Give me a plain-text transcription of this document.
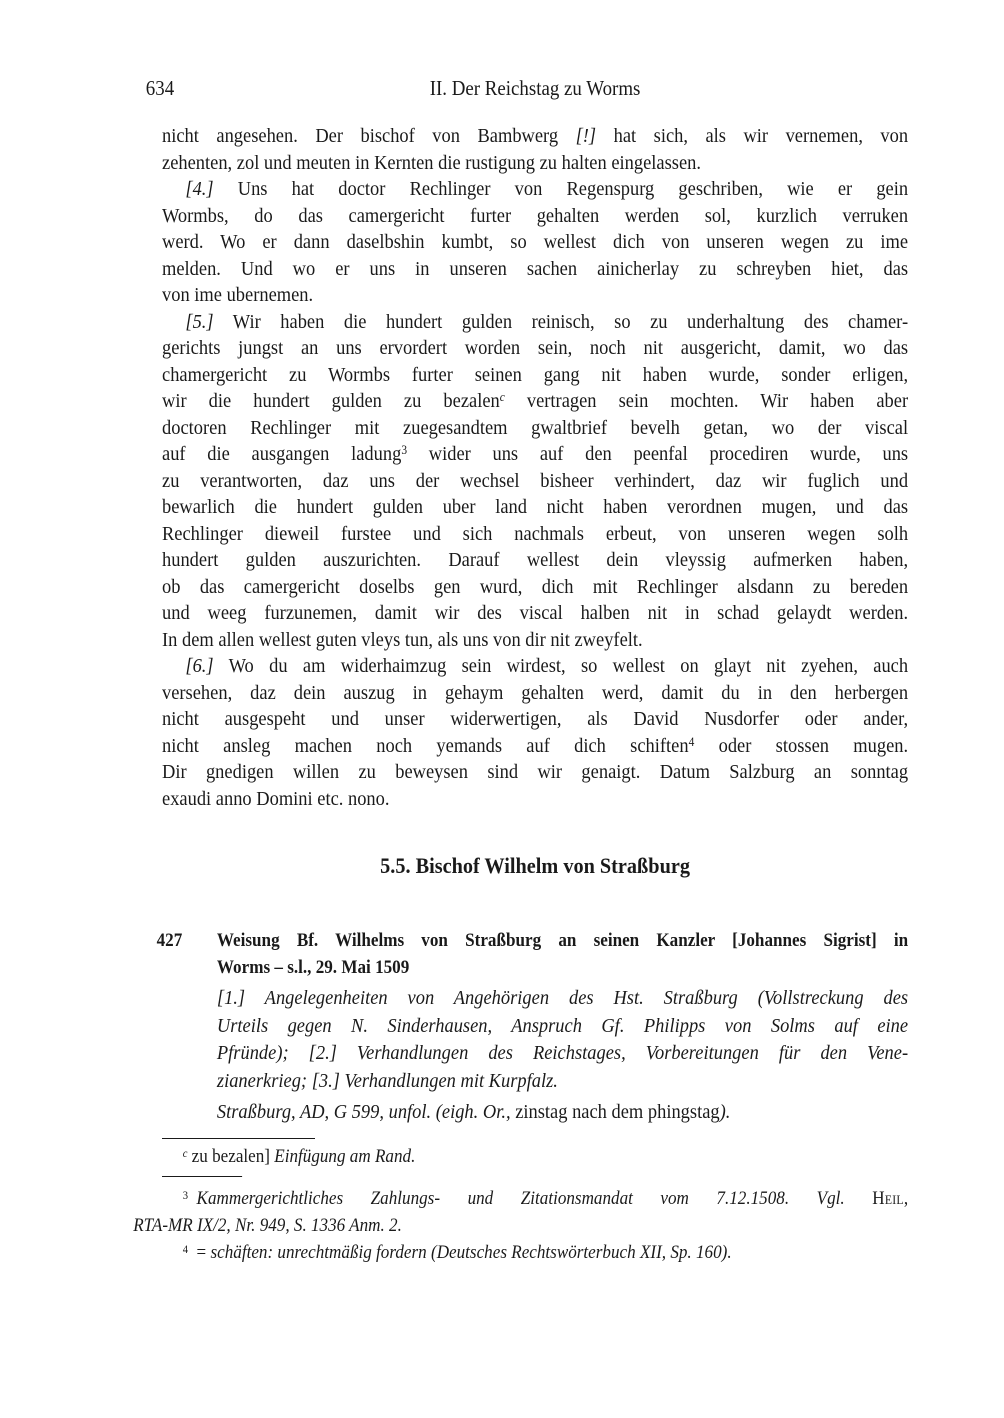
634	II. Der Reichstag zu Worms
nicht angesehen. Der bischof von Bambwerg [!] hat sich, als wir vernemen, von
zehenten, zol und meuten in Kernten die rustigung zu halten eingelassen.
[4.] Uns hat doctor Rechlinger von Regenspurg geschriben, wie er gein
Wormbs, do das camergericht furter gehalten werden sol, kurzlich verruken
werd. Wo er dann daselbshin kumbt, so wellest dich von unseren wegen zu ime
melden. Und wo er uns in unseren sachen ainicherlay zu schreyben hiet, das
von ime ubernemen.
[5.] Wir haben die hundert gulden reinisch, so zu underhaltung des chamer-
gerichts jungst an uns ervordert worden sein, noch nit ausgericht, damit, wo das
chamergericht zu Wormbs furter seinen gang nit haben wurde, sonder erligen,
wir die hundert gulden zu bezalen$^c$ vertragen sein mochten. Wir haben aber
doctoren Rechlinger mit zuegesandtem gwaltbrief bevelh getan, wo der viscal
auf die ausgangen ladung$^3$ wider uns auf den peenfal procediren wurde, uns
zu verantworten, daz uns der wechsel bisheer verhindert, daz wir fuglich und
bewarlich die hundert gulden uber land nicht haben verordnen mugen, und das
Rechlinger dieweil furstee und sich nachmals erbeut, von unseren wegen solh
hundert gulden auszurichten. Darauf wellest dein vleyssig aufmerken haben,
ob das camergericht doselbs gen wurd, dich mit Rechlinger alsdann zu bereden
und weeg furzunemen, damit wir des viscal halben nit in schad gelaydt werden.
In dem allen wellest guten vleys tun, als uns von dir nit zweyfelt.
[6.] Wo du am widerhaimzug sein wirdest, so wellest on glayt nit zyehen, auch
versehen, daz dein auszug in gehaym gehalten werd, damit du in den herbergen
nicht ausgespeht und unser widerwertigen, als David Nusdorfer oder ander,
nicht ansleg machen noch yemands auf dich schiften$^4$ oder stossen mugen.
Dir gnedigen willen zu beweysen sind wir genaigt. Datum Salzburg an sonntag
exaudi anno Domini etc. nono.
5.5. Bischof Wilhelm von Straßburg
427 Weisung Bf. Wilhelms von Straßburg an seinen Kanzler [Johannes Sigrist] in
Worms – s.l., 29. Mai 1509
[1.] Angelegenheiten von Angehörigen des Hst. Straßburg (Vollstreckung des
Urteils gegen N. Sinderhausen, Anspruch Gf. Philipps von Solms auf eine
Pfründe); [2.] Verhandlungen des Reichstages, Vorbereitungen für den Vene-
zianerkrieg; [3.] Verhandlungen mit Kurpfalz.
Straßburg, AD, G 599, unfol. (eigh. Or., zinstag nach dem phingstag).
$^c$ zu bezalen] Einfügung am Rand.
$^3$  Kammergerichtliches Zahlungs- und Zitationsmandat vom 7.12.1508. Vgl. Heil,
RTA-MR IX/2, Nr. 949, S. 1336 Anm. 2.
$^4$ = schäften: unrechtmäßig fordern (Deutsches Rechtswörterbuch XII, Sp. 160).
